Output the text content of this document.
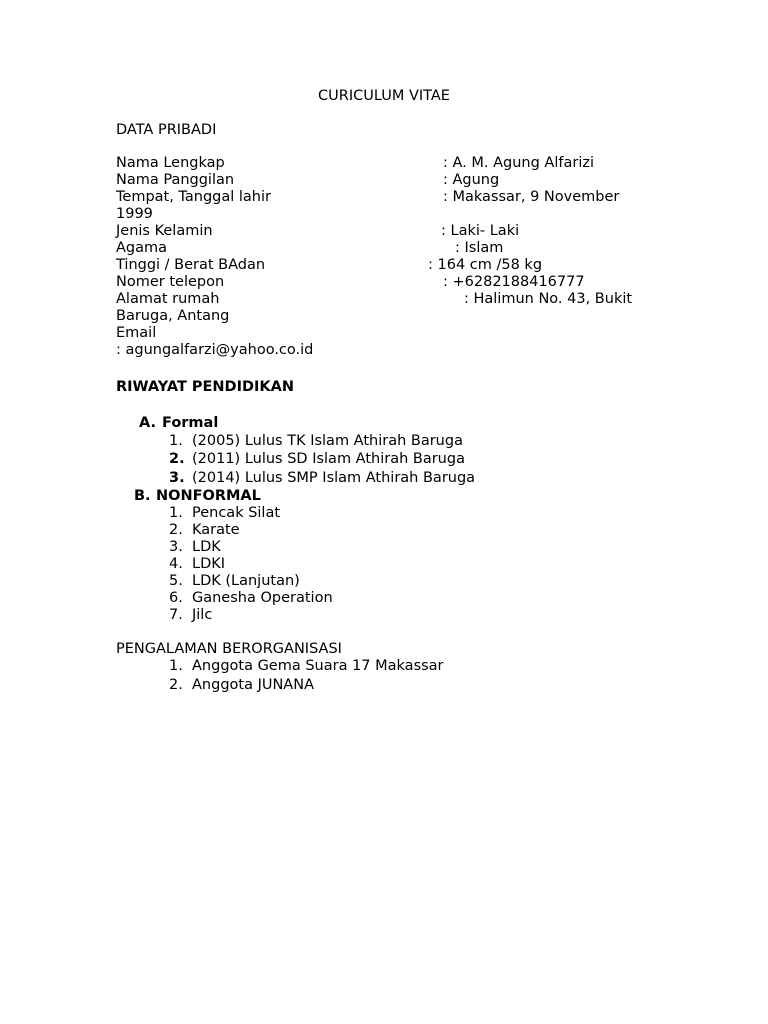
CURICULUM VITAE
DATA PRIBADI
Nama Lengkap	: A. M. Agung Alfarizi
Nama Panggilan	: Agung
Tempat, Tanggal lahir	: Makassar, 9 November
1999
Jenis Kelamin	: Laki- Laki
Agama	: Islam
Tinggi / Berat BAdan	: 164 cm /58 kg
Nomer telepon	: +6282188416777
Alamat rumah	: Halimun No. 43, Bukit
Baruga, Antang
Email
: agungalfarzi@yahoo.co.id
RIWAYAT PENDIDIKAN
A. Formal
1. (2005) Lulus TK Islam Athirah Baruga
2. (2011) Lulus SD Islam Athirah Baruga
3. (2014) Lulus SMP Islam Athirah Baruga
B. NONFORMAL
1. Pencak Silat
2. Karate
3. LDK
4. LDKI
5. LDK (Lanjutan)
6. Ganesha Operation
7. Jilc
PENGALAMAN BERORGANISASI
1. Anggota Gema Suara 17 Makassar
2. Anggota JUNANA
